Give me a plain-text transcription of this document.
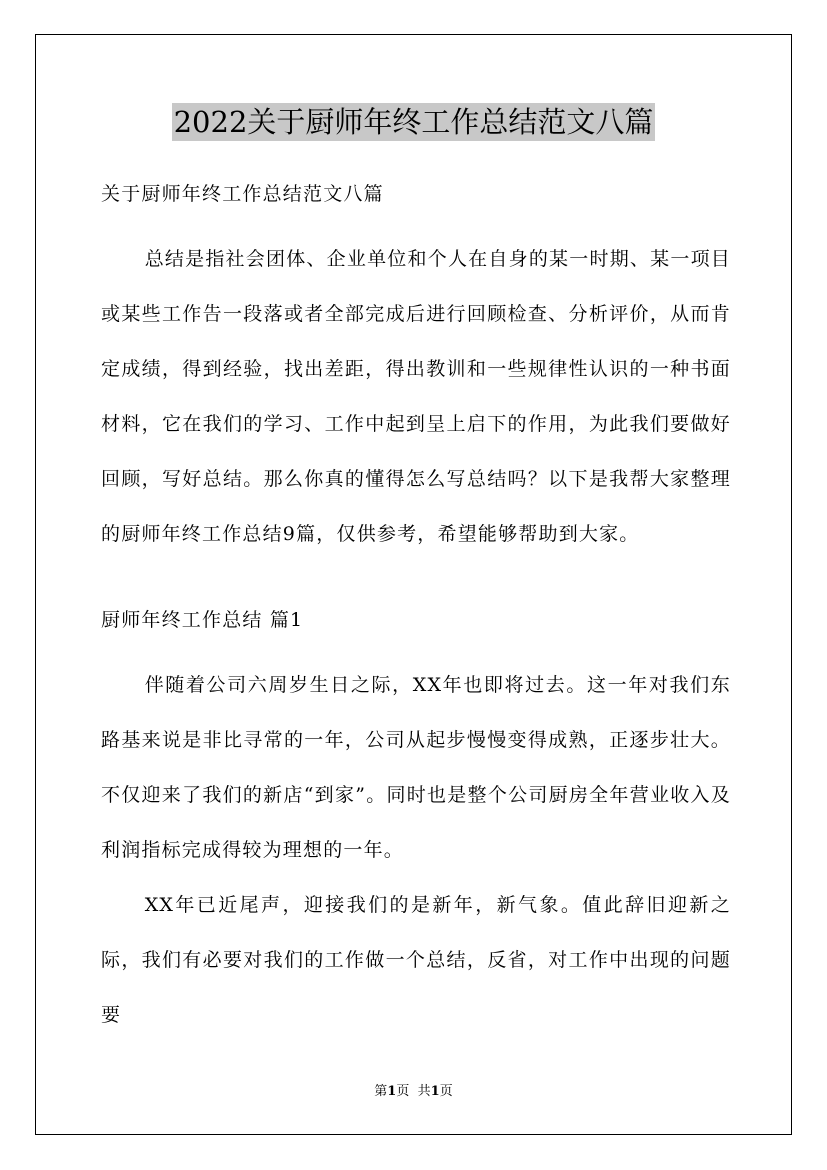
2022关于厨师年终工作总结范文八篇

关于厨师年终工作总结范文八篇

总结是指社会团体、企业单位和个人在自身的某一时期、某一项目或某些工作告一段落或者全部完成后进行回顾检查、分析评价，从而肯定成绩，得到经验，找出差距，得出教训和一些规律性认识的一种书面材料，它在我们的学习、工作中起到呈上启下的作用，为此我们要做好回顾，写好总结。那么你真的懂得怎么写总结吗？以下是我帮大家整理的厨师年终工作总结9篇，仅供参考，希望能够帮助到大家。

厨师年终工作总结 篇1

伴随着公司六周岁生日之际，XX年也即将过去。这一年对我们东路基来说是非比寻常的一年，公司从起步慢慢变得成熟，正逐步壮大。不仅迎来了我们的新店“到家”。同时也是整个公司厨房全年营业收入及利润指标完成得较为理想的一年。

XX年已近尾声，迎接我们的是新年，新气象。值此辞旧迎新之际，我们有必要对我们的工作做一个总结，反省，对工作中出现的问题要

第1页 共1页
